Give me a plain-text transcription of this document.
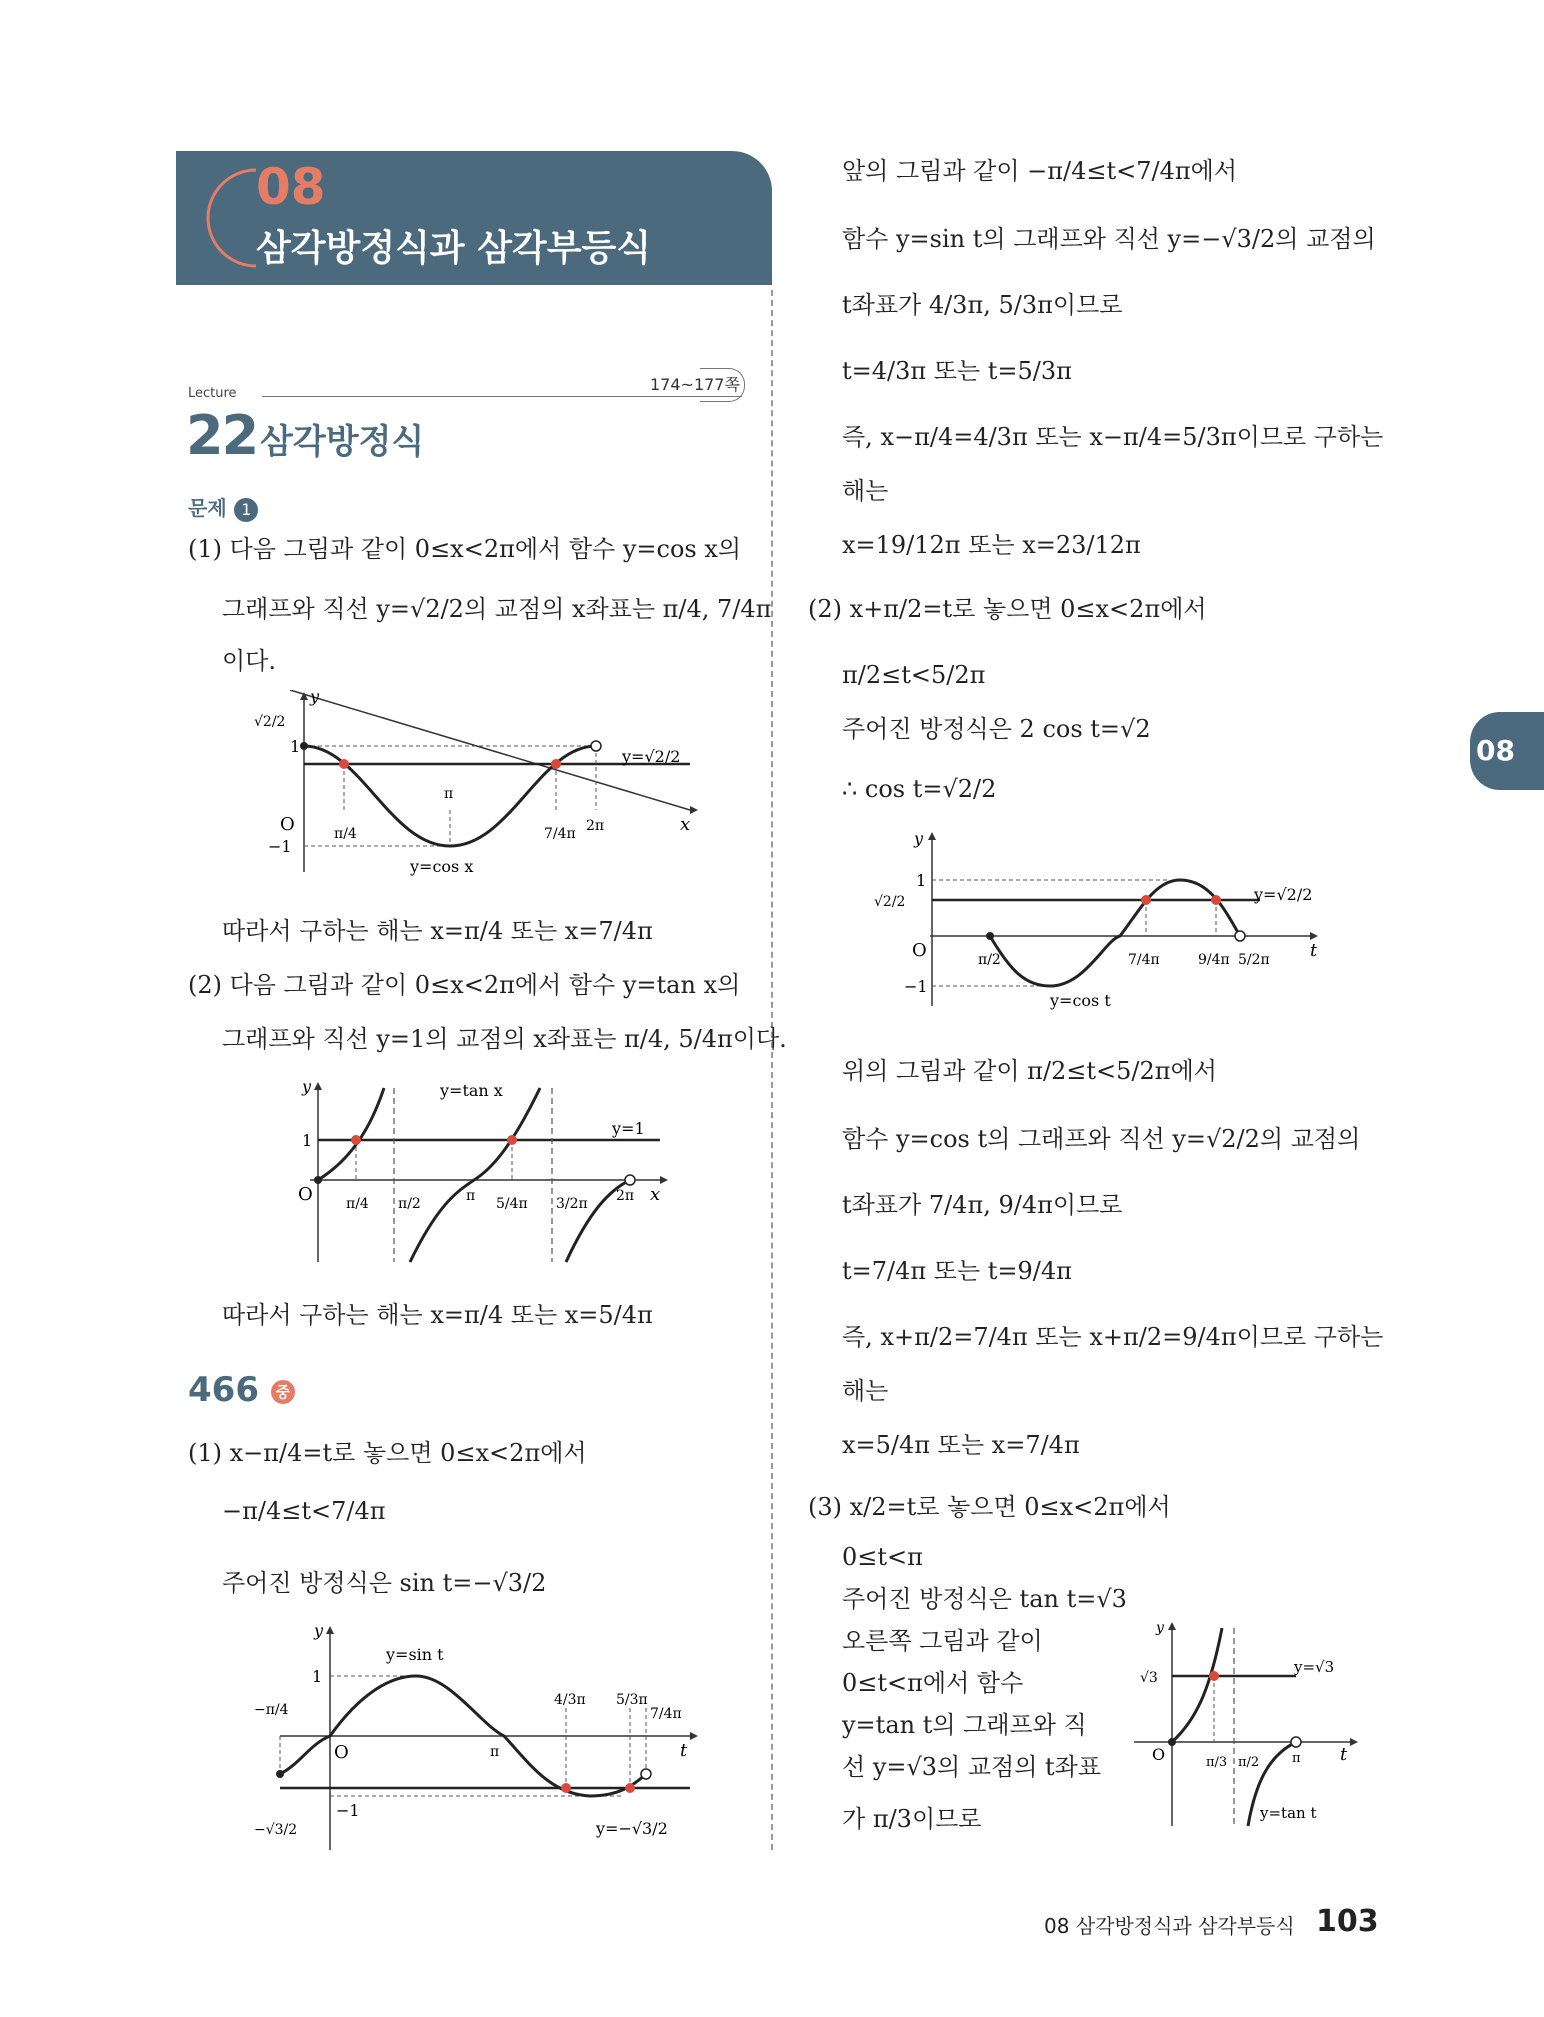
08
삼각방정식과 삼각부등식
174~177쪽
Lecture
22 삼각방정식
문제 1
(1) 다음 그림과 같이 0≤x<2π에서 함수 y=cos x의
그래프와 직선 y=√2/2의 교점의 x좌표는 π/4, 7/4π
이다.
y
x
O
1
−1
√2/2
π/4
π
7/4π 2π
y=√2/2
y=cos x
따라서 구하는 해는 x=π/4 또는 x=7/4π
(2) 다음 그림과 같이 0≤x<2π에서 함수 y=tan x의
그래프와 직선 y=1의 교점의 x좌표는 π/4, 5/4π이다.
y
x
O
1
π/4 π/2	π 5/4π 3/2π 2π
y=tan x
y=1
따라서 구하는 해는 x=π/4 또는 x=5/4π
466 중
(1) x−π/4=t로 놓으면 0≤x<2π에서
−π/4≤t<7/4π
주어진 방정식은 sin t=−√3/2
y
t
O
1
−1
−√3/2
−π/4
π
4/3π 5/3π
7/4π
y=sin t
y=−√3/2
앞의 그림과 같이 −π/4≤t<7/4π에서
함수 y=sin t의 그래프와 직선 y=−√3/2의 교점의
t좌표가 4/3π, 5/3π이므로
t=4/3π 또는 t=5/3π
즉, x−π/4=4/3π 또는 x−π/4=5/3π이므로 구하는
해는
x=19/12π 또는 x=23/12π
(2) x+π/2=t로 놓으면 0≤x<2π에서
π/2≤t<5/2π
주어진 방정식은 2 cos t=√2
∴ cos t=√2/2
y
t
O
1
√2/2
−1
π/2	7/4π	9/4π 5/2π
y=cos t
y=√2/2
위의 그림과 같이 π/2≤t<5/2π에서
함수 y=cos t의 그래프와 직선 y=√2/2의 교점의
t좌표가 7/4π, 9/4π이므로
t=7/4π 또는 t=9/4π
즉, x+π/2=7/4π 또는 x+π/2=9/4π이므로 구하는
해는
x=5/4π 또는 x=7/4π
(3) x/2=t로 놓으면 0≤x<2π에서
0≤t<π
주어진 방정식은 tan t=√3
오른쪽 그림과 같이
0≤t<π에서 함수
y=tan t의 그래프와 직
선 y=√3의 교점의 t좌표
가 π/3이므로
y
t
O
√3
π/3 π/2	π
y=√3
y=tan t
08
08 삼각방정식과 삼각부등식 103
